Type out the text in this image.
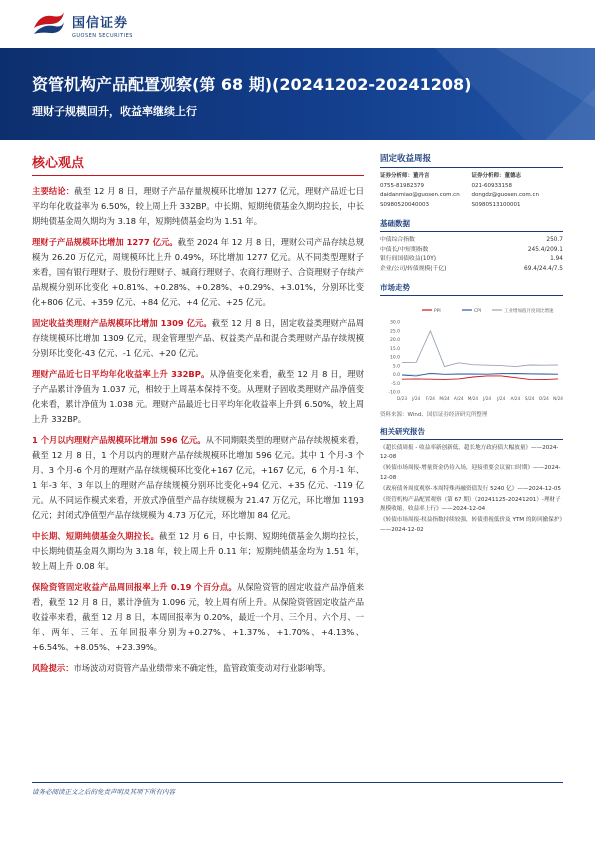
国信证券
GUOSEN SECURITIES
资管机构产品配置观察(第 68 期)(20241202-20241208)
理财子规模回升，收益率继续上行
核心观点
主要结论：截至 12 月 8 日，理财子产品存量规模环比增加 1277 亿元，理财产品近七日平均年化收益率为 6.50%，较上周上升 332BP。中长期、短期纯债基金久期均拉长，中长期纯债基金周久期均为 3.18 年，短期纯债基金均为 1.51 年。
理财子产品规模环比增加 1277 亿元。截至 2024 年 12 月 8 日，理财公司产品存续总规模为 26.20 万亿元，周规模环比上升 0.49%，环比增加 1277 亿元。从不同类型理财子来看，国有银行理财子、股份行理财子、城商行理财子、农商行理财子、合资理财子存续产品规模分别环比变化 +0.81%、+0.28%、+0.28%、+0.29%、+3.01%，分别环比变化+806 亿元、+359 亿元、+84 亿元、+4 亿元、+25 亿元。
固定收益类理财产品规模环比增加 1309 亿元。截至 12 月 8 日，固定收益类理财产品周存续规模环比增加 1309 亿元，现金管理型产品、权益类产品和混合类理财产品存续规模分别环比变化-43 亿元、-1 亿元、+20 亿元。
理财产品近七日平均年化收益率上升 332BP。从净值变化来看，截至 12 月 8 日，理财子产品累计净值为 1.037 元，相较于上周基本保持不变。从理财子固收类理财产品净值变化来看，累计净值为 1.038 元。理财产品最近七日平均年化收益率上升到 6.50%，较上周上升 332BP。
1 个月以内理财产品规模环比增加 596 亿元。从不同期限类型的理财产品存续规模来看，截至 12 月 8 日，1 个月以内的理财产品存续规模环比增加 596 亿元。其中 1 个月-3 个月、3 个月-6 个月的理财产品存续规模环比变化+167 亿元，+167 亿元，6 个月-1 年、1 年-3 年、3 年以上的理财产品存续规模分别环比变化+94 亿元、+35 亿元、-119 亿元。从不同运作模式来看，开放式净值型产品存续规模为 21.47 万亿元，环比增加 1193 亿元；封闭式净值型产品存续规模为 4.73 万亿元，环比增加 84 亿元。
中长期、短期纯债基金久期拉长。截至 12 月 6 日，中长期、短期纯债基金久期均拉长，中长期纯债基金周久期均为 3.18 年，较上周上升 0.11 年；短期纯债基金均为 1.51 年，较上周上升 0.08 年。
保险资管固定收益产品周回报率上升 0.19 个百分点。从保险资管的固定收益产品净值来看，截至 12 月 8 日，累计净值为 1.096 元，较上周有所上升。从保险资管固定收益产品收益率来看，截至 12 月 8 日，本周回报率为 0.20%，最近一个月、三个月、六个月、一年、两年、三年、五年回报率分别为+0.27%、+1.37%、+1.70%、+4.13%、+6.54%、+8.05%、+23.39%。
风险提示：市场波动对资管产品业绩带来不确定性，监管政策变动对行业影响等。
固定收益周报
证券分析师：董丹言
0755-81982379
daidanmiao@guosen.com.cn
S0980520040003
证券分析师：董德志
021-60933158
dongdz@guosen.com.cn
S0980513100001
基础数据
中债综合指数	250.7
中债长/中短期指数	245.4/209.1
银行间国债收益(10Y)	1.94
企业/公司/转债规模(千亿)	69.4/24.4/7.5
市场走势
PPI	CPI	工业增加值月度同比增速
30.0
25.0
20.0
15.0
10.0
5.0
0.0
-5.0
-10.0
D/23 J/24 F/24 M/24 A/24 M/24 J/24 J/24 A/24 S/24 O/24 N/24
资料来源：Wind、国信证券经济研究所整理
相关研究报告
《超长债周报 - 收益率新创新低，超长地方政府债大幅放量》——2024-12-08
《转债市场周报-增量资金仍待入场，迎接重要会议窗口时期》——2024-12-08
《政府债务周度观察-本周特殊再融资债发行 5240 亿》——2024-12-05
《资管机构产品配置观察（第 67 期）（20241125-20241201）-理财子规模收缩，收益率上行》——2024-12-04
《转债市场周报-权益指数持续较强，转债重视低价及 YTM 的防回撤保护》——2024-12-02
请务必阅读正文之后的免责声明及其项下所有内容
